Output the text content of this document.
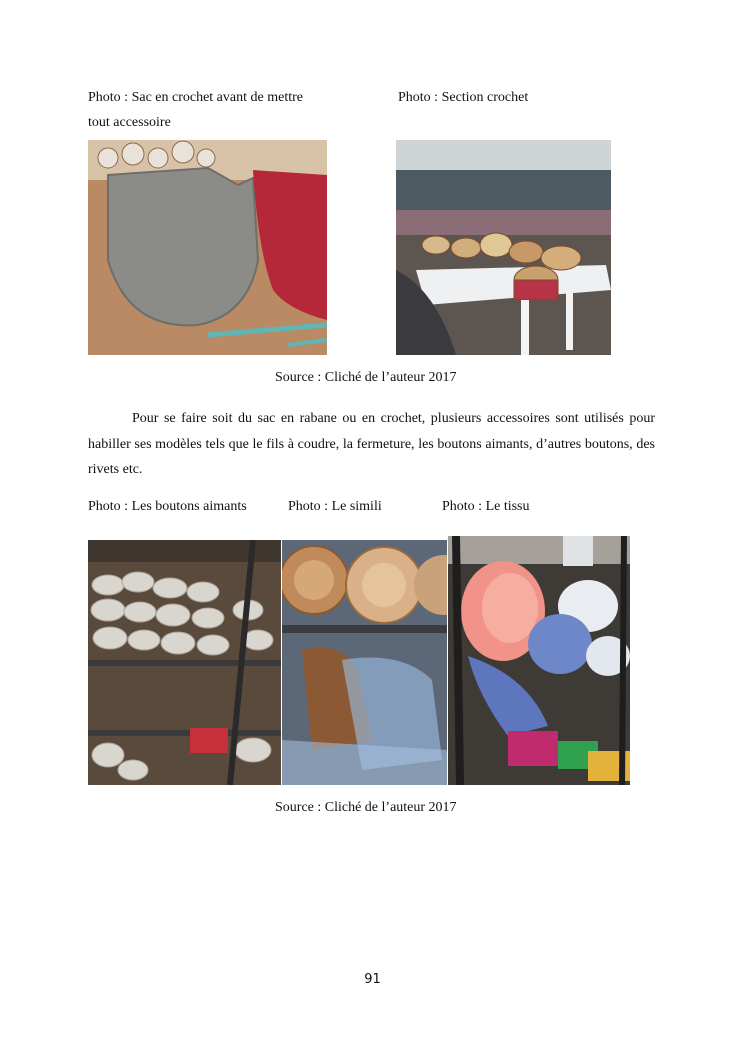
Photo : Sac en crochet avant de mettre
tout accessoire
Photo : Section crochet
Source : Cliché de l’auteur 2017
Pour se faire soit du sac en rabane ou en crochet, plusieurs accessoires sont utilisés pour habiller ses modèles tels que le fils à coudre, la fermeture, les boutons aimants, d’autres boutons, des rivets etc.
Photo : Les boutons aimants	Photo : Le simili	Photo : Le tissu
Source : Cliché de l’auteur 2017
91
